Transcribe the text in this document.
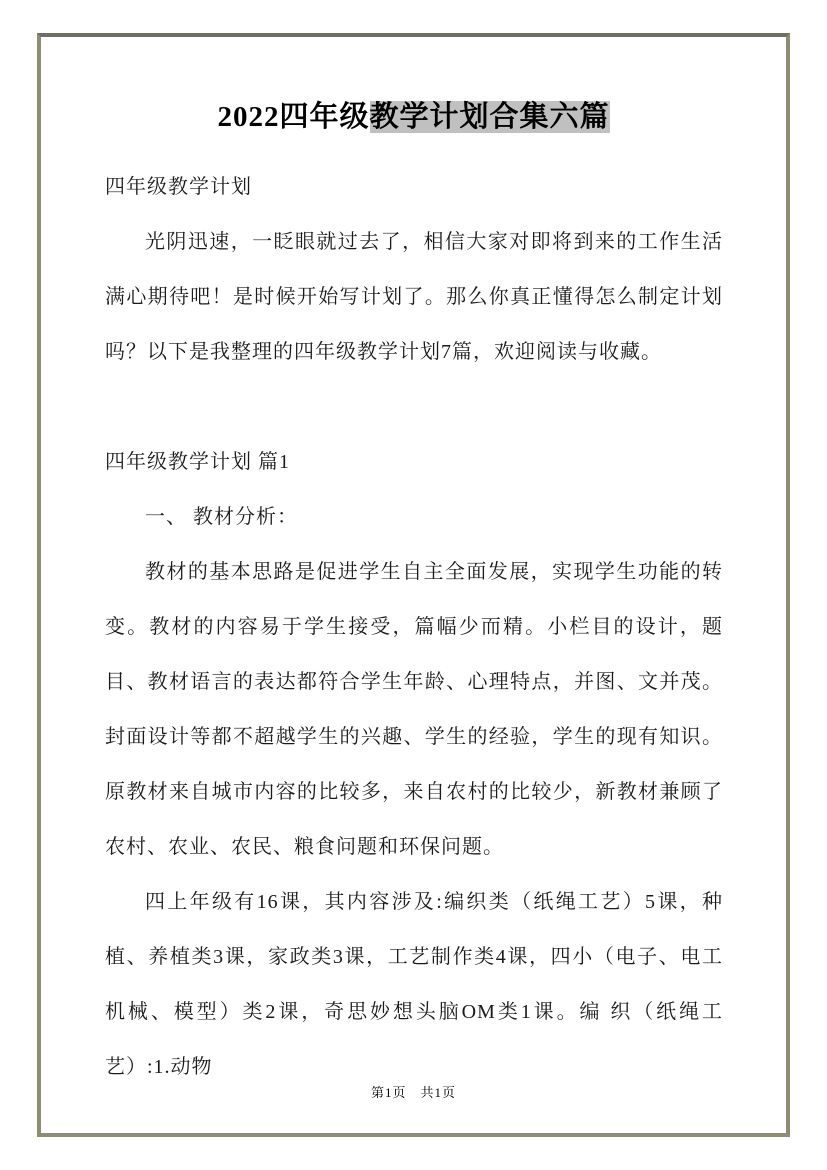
2022四年级教学计划合集六篇
四年级教学计划
光阴迅速，一眨眼就过去了，相信大家对即将到来的工作生活满心期待吧！是时候开始写计划了。那么你真正懂得怎么制定计划吗？以下是我整理的四年级教学计划7篇，欢迎阅读与收藏。
四年级教学计划 篇1
一、 教材分析：
教材的基本思路是促进学生自主全面发展，实现学生功能的转变。教材的内容易于学生接受，篇幅少而精。小栏目的设计，题目、教材语言的表达都符合学生年龄、心理特点，并图、文并茂。封面设计等都不超越学生的兴趣、学生的经验，学生的现有知识。原教材来自城市内容的比较多，来自农村的比较少，新教材兼顾了农村、农业、农民、粮食问题和环保问题。
四上年级有16课，其内容涉及:编织类（纸绳工艺）5课，种植、养植类3课，家政类3课，工艺制作类4课，四小（电子、电工机械、模型）类2课，奇思妙想头脑OM类1课。编 织（纸绳工艺）:1.动物
第1页 共1页
